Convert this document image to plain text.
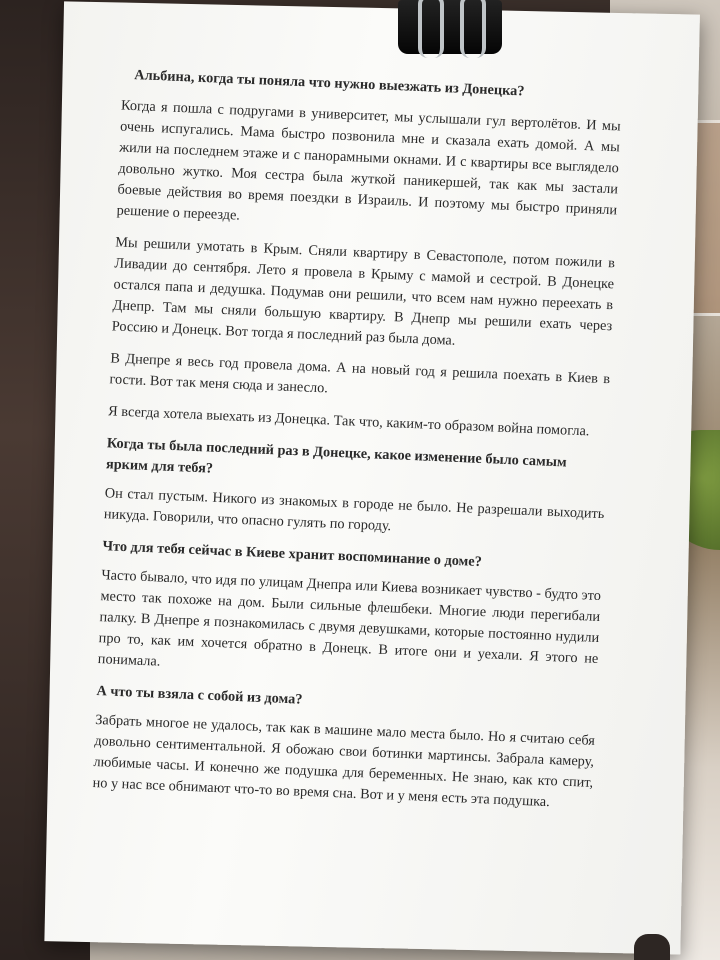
Альбина, когда ты поняла что нужно выезжать из Донецка?
Когда я пошла с подругами в университет, мы услышали гул вертолётов. И мы очень испугались. Мама быстро позвонила мне и сказала ехать домой. А мы жили на последнем этаже и с панорамными окнами. И с квартиры все выглядело довольно жутко. Моя сестра была жуткой паникершей, так как мы застали боевые действия во время поездки в Израиль. И поэтому мы быстро приняли решение о переезде.
Мы решили умотать в Крым. Сняли квартиру в Севастополе, потом пожили в Ливадии до сентября. Лето я провела в Крыму с мамой и сестрой. В Донецке остался папа и дедушка. Подумав они решили, что всем нам нужно переехать в Днепр. Там мы сняли большую квартиру. В Днепр мы решили ехать через Россию и Донецк. Вот тогда я последний раз была дома.
В Днепре я весь год провела дома. А на новый год я решила поехать в Киев в гости. Вот так меня сюда и занесло.
Я всегда хотела выехать из Донецка. Так что, каким-то образом война помогла.
Когда ты была последний раз в Донецке, какое изменение было самым ярким для тебя?
Он стал пустым. Никого из знакомых в городе не было. Не разрешали выходить никуда. Говорили, что опасно гулять по городу.
Что для тебя сейчас в Киеве хранит воспоминание о доме?
Часто бывало, что идя по улицам Днепра или Киева возникает чувство - будто это место так похоже на дом. Были сильные флешбеки. Многие люди перегибали палку. В Днепре я познакомилась с двумя девушками, которые постоянно нудили про то, как им хочется обратно в Донецк. В итоге они и уехали. Я этого не понимала.
А что ты взяла с собой из дома?
Забрать многое не удалось, так как в машине мало места было. Но я считаю себя довольно сентиментальной. Я обожаю свои ботинки мартинсы. Забрала камеру, любимые часы. И конечно же подушка для беременных. Не знаю, как кто спит, но у нас все обнимают что-то во время сна. Вот и у меня есть эта подушка.
